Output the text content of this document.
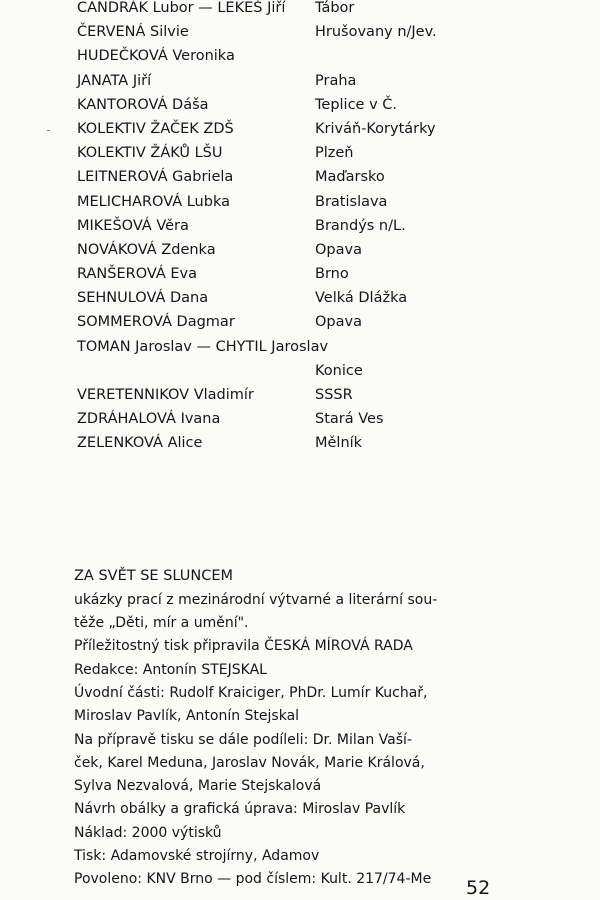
CANDRÁK Lubor — LEKEŠ Jiří Tábor
ČERVENÁ Silvie	Hrušovany n/Jev.
HUDEČKOVÁ Veronika
JANATA Jiří	Praha
KANTOROVÁ Dáša	Teplice v Č.
KOLEKTIV ŽAČEK ZDŠ	Kriváň-Korytárky
KOLEKTIV ŽÁKŮ LŠU	Plzeň
LEITNEROVÁ Gabriela	Maďarsko
MELICHAROVÁ Lubka	Bratislava
MIKEŠOVÁ Věra	Brandýs n/L.
NOVÁKOVÁ Zdenka	Opava
RANŠEROVÁ Eva	Brno
SEHNULOVÁ Dana	Velká Dlážka
SOMMEROVÁ Dagmar	Opava
TOMAN Jaroslav — CHYTIL Jaroslav
Konice
VERETENNIKOV Vladimír	SSSR
ZDRÁHALOVÁ Ivana	Stará Ves
ZELENKOVÁ Alice	Mělník

ZA SVĚT SE SLUNCEM

ukázky prací z mezinárodní výtvarné a literární sou-

těže „Děti, mír a umění".

Příležitostný tisk připravila ČESKÁ MÍROVÁ RADA

Redakce: Antonín STEJSKAL

Úvodní části: Rudolf Kraiciger, PhDr. Lumír Kuchař,

Miroslav Pavlík, Antonín Stejskal

Na přípravě tisku se dále podíleli: Dr. Milan Vaší-

ček, Karel Meduna, Jaroslav Novák, Marie Králová,

Sylva Nezvalová, Marie Stejskalová

Návrh obálky a grafická úprava: Miroslav Pavlík

Náklad: 2000 výtisků

Tisk: Adamovské strojírny, Adamov

Povoleno: KNV Brno — pod číslem: Kult. 217/74-Me	52
